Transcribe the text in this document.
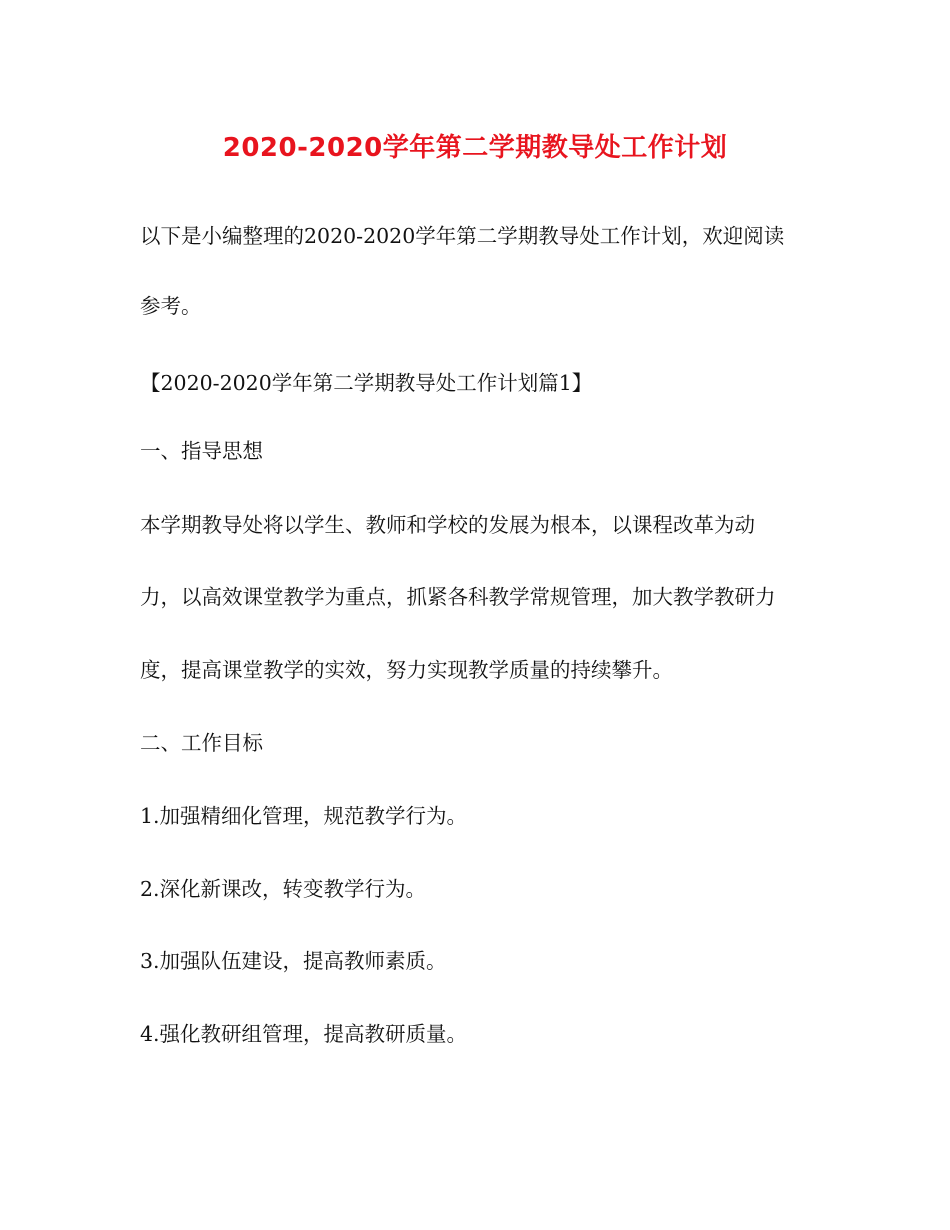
2020-2020学年第二学期教导处工作计划
以下是小编整理的2020-2020学年第二学期教导处工作计划，欢迎阅读
参考。
【2020-2020学年第二学期教导处工作计划篇1】
一、指导思想
本学期教导处将以学生、教师和学校的发展为根本，以课程改革为动
力，以高效课堂教学为重点，抓紧各科教学常规管理，加大教学教研力
度，提高课堂教学的实效，努力实现教学质量的持续攀升。
二、工作目标
1.加强精细化管理，规范教学行为。
2.深化新课改，转变教学行为。
3.加强队伍建设，提高教师素质。
4.强化教研组管理，提高教研质量。
